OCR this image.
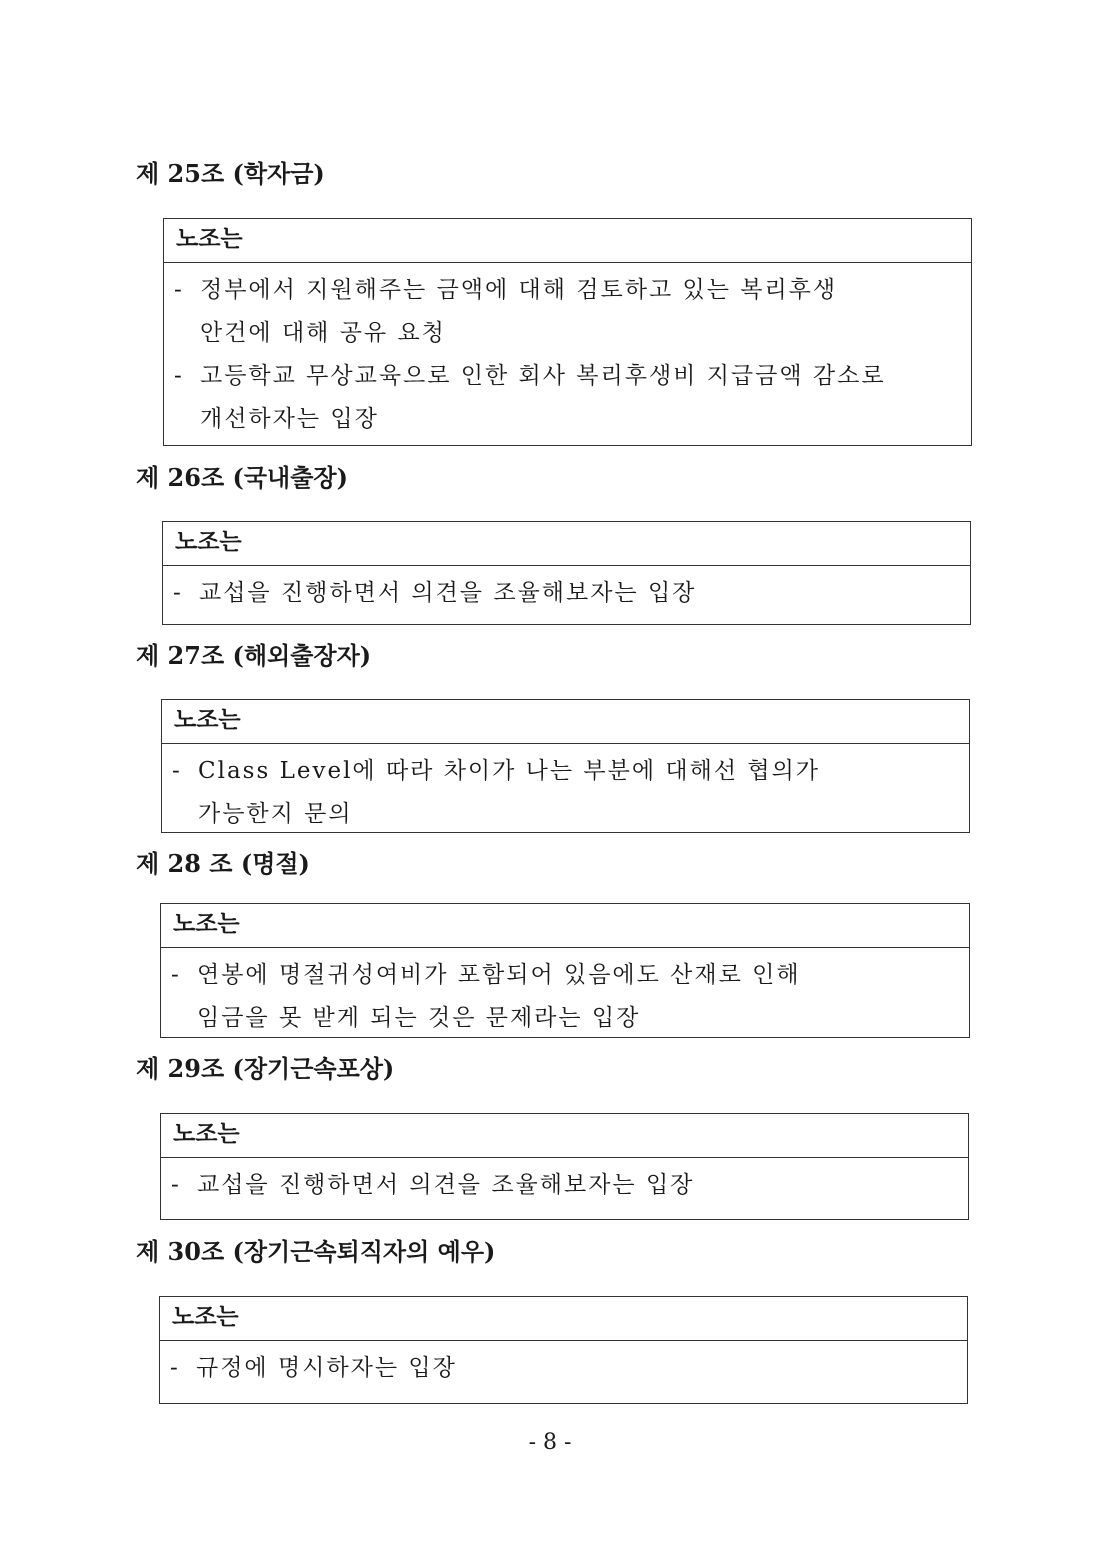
제 25조 (학자금)
노조는

- 정부에서 지원해주는 금액에 대해 검토하고 있는 복리후생
안건에 대해 공유 요청

- 고등학교 무상교육으로 인한 회사 복리후생비 지급금액 감소로
개선하자는 입장

제 26조 (국내출장)
노조는

- 교섭을 진행하면서 의견을 조율해보자는 입장

제 27조 (해외출장자)
노조는

- Class Level에 따라 차이가 나는 부분에 대해선 협의가
가능한지 문의

제 28 조 (명절)
노조는

- 연봉에 명절귀성여비가 포함되어 있음에도 산재로 인해
임금을 못 받게 되는 것은 문제라는 입장

제 29조 (장기근속포상)
노조는

- 교섭을 진행하면서 의견을 조율해보자는 입장

제 30조 (장기근속퇴직자의 예우)
노조는

- 규정에 명시하자는 입장

- 8 -
